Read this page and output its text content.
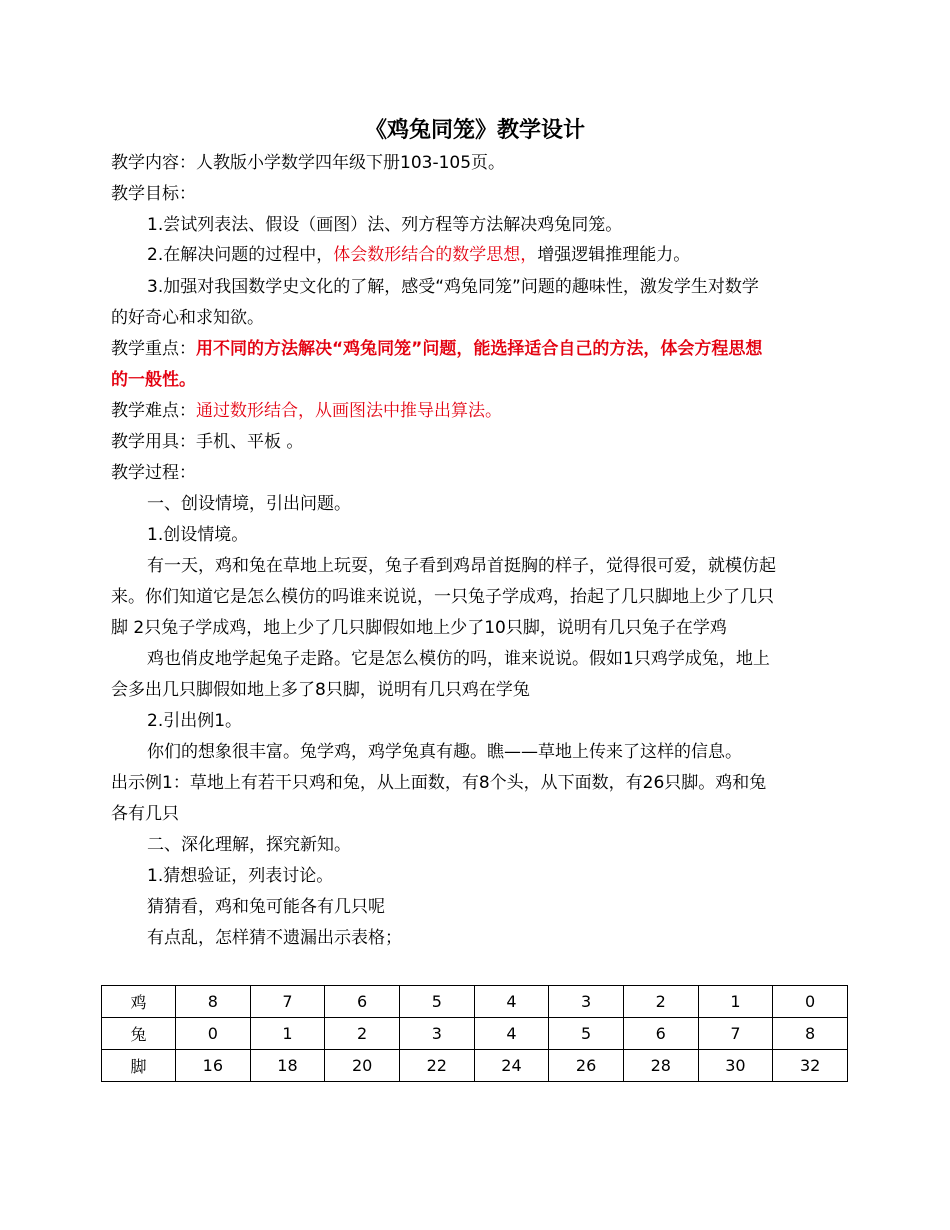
《鸡兔同笼》教学设计
教学内容：人教版小学数学四年级下册103-105页。
教学目标：
1.尝试列表法、假设（画图）法、列方程等方法解决鸡兔同笼。
2.在解决问题的过程中，体会数形结合的数学思想，增强逻辑推理能力。
3.加强对我国数学史文化的了解，感受“鸡兔同笼”问题的趣味性，激发学生对数学
的好奇心和求知欲。
教学重点：用不同的方法解决“鸡兔同笼”问题，能选择适合自己的方法，体会方程思想
的一般性。
教学难点：通过数形结合，从画图法中推导出算法。
教学用具：手机、平板 。
教学过程：
一、创设情境，引出问题。
1.创设情境。
有一天，鸡和兔在草地上玩耍，兔子看到鸡昂首挺胸的样子，觉得很可爱，就模仿起
来。你们知道它是怎么模仿的吗谁来说说，一只兔子学成鸡，抬起了几只脚地上少了几只
脚 2只兔子学成鸡，地上少了几只脚假如地上少了10只脚，说明有几只兔子在学鸡
鸡也俏皮地学起兔子走路。它是怎么模仿的吗，谁来说说。假如1只鸡学成兔，地上
会多出几只脚假如地上多了8只脚，说明有几只鸡在学兔
2.引出例1。
你们的想象很丰富。兔学鸡，鸡学兔真有趣。瞧——草地上传来了这样的信息。
出示例1：草地上有若干只鸡和兔，从上面数，有8个头，从下面数，有26只脚。鸡和兔
各有几只
二、深化理解，探究新知。
1.猜想验证，列表讨论。
猜猜看，鸡和兔可能各有几只呢
有点乱，怎样猜不遗漏出示表格；
鸡	8	7	6	5	4	3	2	1	0
兔	0	1	2	3	4	5	6	7	8
脚	16	18	20	22	24	26	28	30	32
